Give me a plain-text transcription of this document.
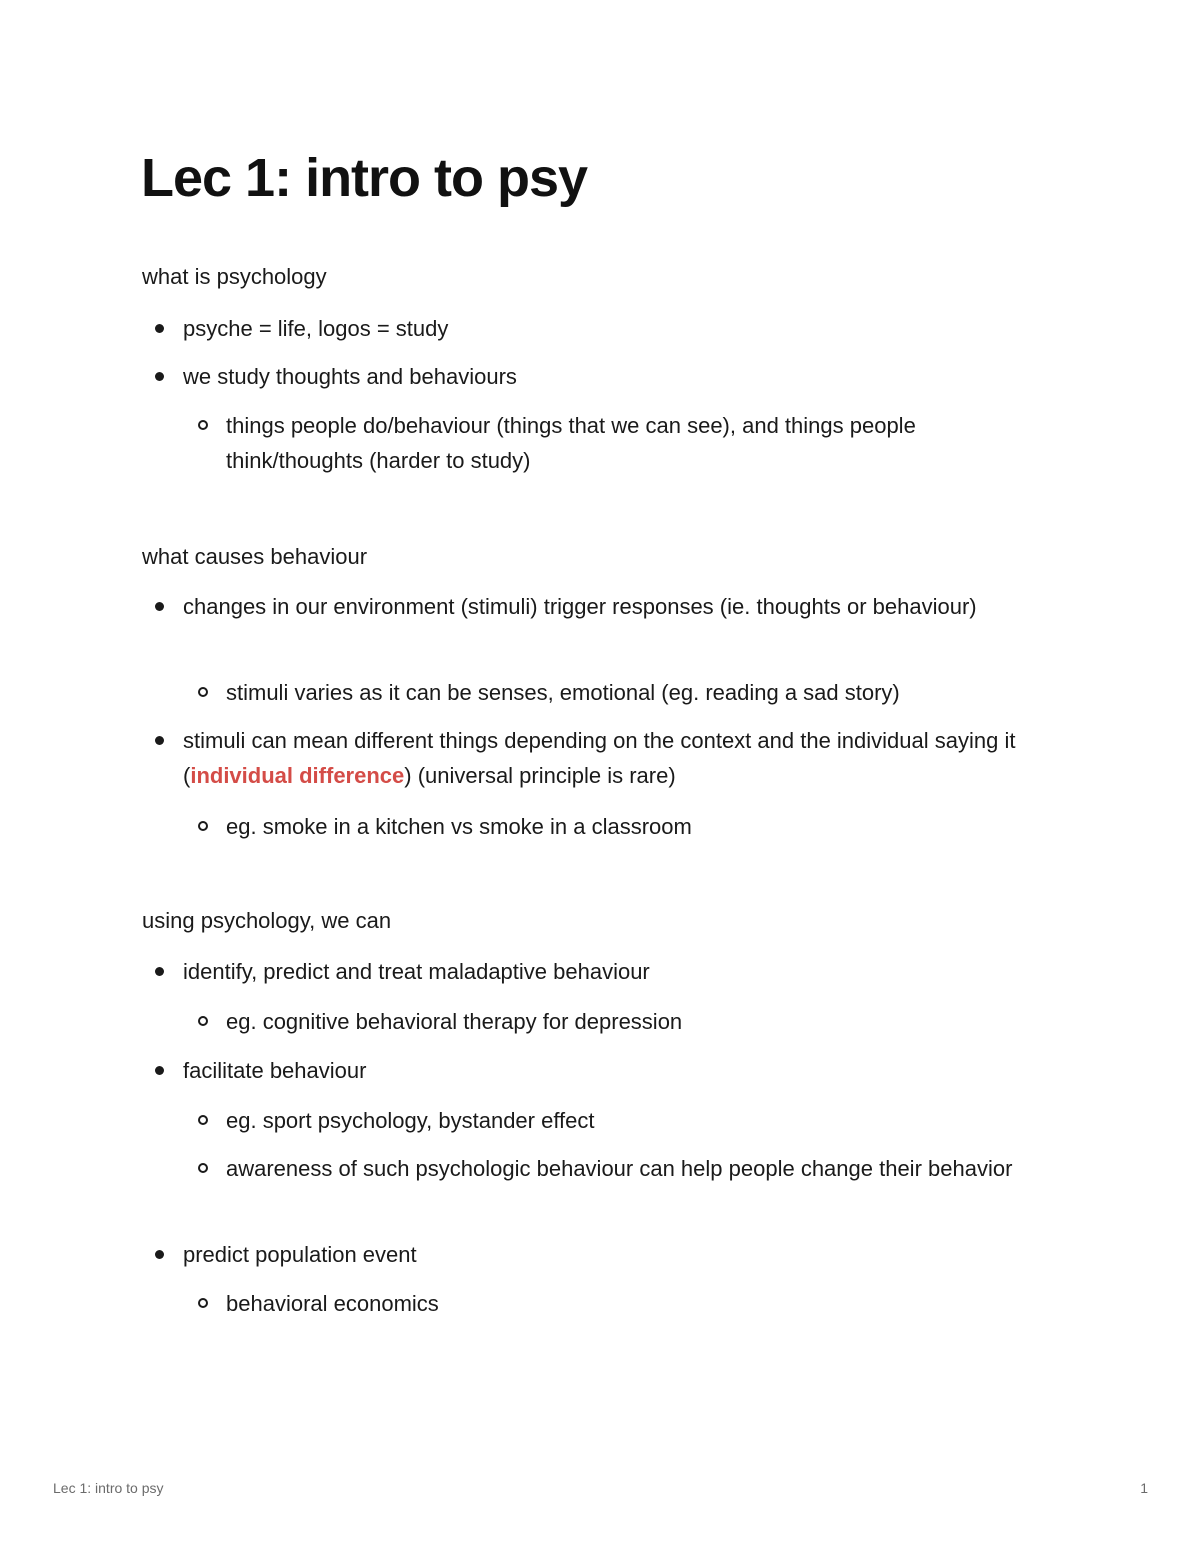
Lec 1: intro to psy

what is psychology

psyche = life, logos = study
we study thoughts and behaviours
things people do/behaviour (things that we can see), and things people think/thoughts (harder to study)

what causes behaviour

changes in our environment (stimuli) trigger responses (ie. thoughts or behaviour)
stimuli varies as it can be senses, emotional (eg. reading a sad story)
stimuli can mean different things depending on the context and the individual saying it (individual difference) (universal principle is rare)
eg. smoke in a kitchen vs smoke in a classroom

using psychology, we can

identify, predict and treat maladaptive behaviour
eg. cognitive behavioral therapy for depression
facilitate behaviour
eg. sport psychology, bystander effect
awareness of such psychologic behaviour can help people change their behavior
predict population event
behavioral economics
Lec 1: intro to psy	1
